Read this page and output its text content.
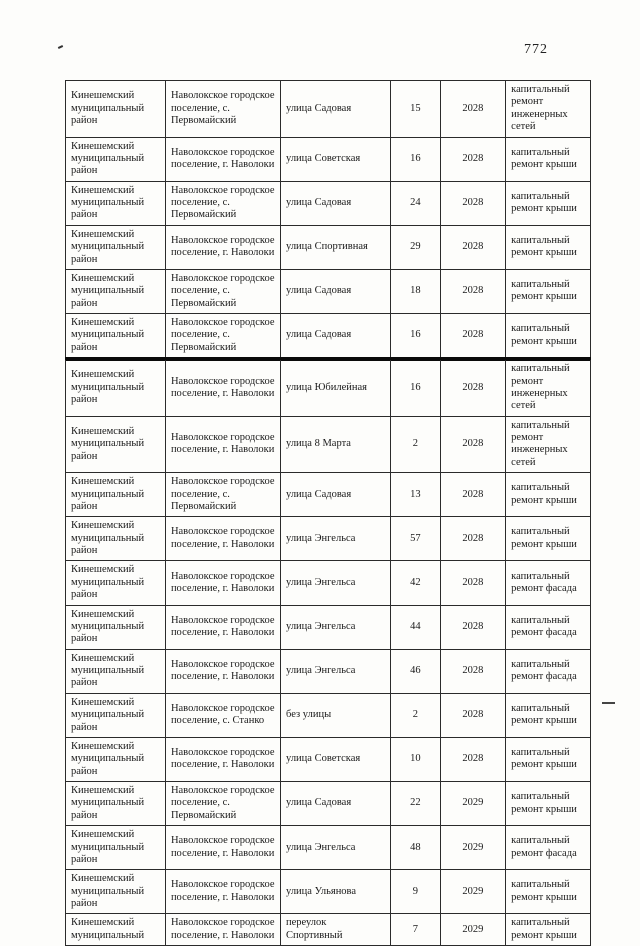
772
Кинешемский муниципальный район	Наволокское городское поселение, с. Первомайский	улица Садовая	15	2028	капитальный ремонт инженерных сетей
Кинешемский муниципальный район	Наволокское городское поселение, г. Наволоки	улица Советская	16	2028	капитальный ремонт крыши
Кинешемский муниципальный район	Наволокское городское поселение, с. Первомайский	улица Садовая	24	2028	капитальный ремонт крыши
Кинешемский муниципальный район	Наволокское городское поселение, г. Наволоки	улица Спортивная	29	2028	капитальный ремонт крыши
Кинешемский муниципальный район	Наволокское городское поселение, с. Первомайский	улица Садовая	18	2028	капитальный ремонт крыши
Кинешемский муниципальный район	Наволокское городское поселение, с. Первомайский	улица Садовая	16	2028	капитальный ремонт крыши
Кинешемский муниципальный район	Наволокское городское поселение, г. Наволоки	улица Юбилейная	16	2028	капитальный ремонт инженерных сетей
Кинешемский муниципальный район	Наволокское городское поселение, г. Наволоки	улица 8 Марта	2	2028	капитальный ремонт инженерных сетей
Кинешемский муниципальный район	Наволокское городское поселение, с. Первомайский	улица Садовая	13	2028	капитальный ремонт крыши
Кинешемский муниципальный район	Наволокское городское поселение, г. Наволоки	улица Энгельса	57	2028	капитальный ремонт крыши
Кинешемский муниципальный район	Наволокское городское поселение, г. Наволоки	улица Энгельса	42	2028	капитальный ремонт фасада
Кинешемский муниципальный район	Наволокское городское поселение, г. Наволоки	улица Энгельса	44	2028	капитальный ремонт фасада
Кинешемский муниципальный район	Наволокское городское поселение, г. Наволоки	улица Энгельса	46	2028	капитальный ремонт фасада
Кинешемский муниципальный район	Наволокское городское поселение, с. Станко	без улицы	2	2028	капитальный ремонт крыши
Кинешемский муниципальный район	Наволокское городское поселение, г. Наволоки	улица Советская	10	2028	капитальный ремонт крыши
Кинешемский муниципальный район	Наволокское городское поселение, с. Первомайский	улица Садовая	22	2029	капитальный ремонт крыши
Кинешемский муниципальный район	Наволокское городское поселение, г. Наволоки	улица Энгельса	48	2029	капитальный ремонт фасада
Кинешемский муниципальный район	Наволокское городское поселение, г. Наволоки	улица Ульянова	9	2029	капитальный ремонт крыши
Кинешемский муниципальный	Наволокское городское поселение, г. Наволоки	переулок Спортивный	7	2029	капитальный ремонт крыши
